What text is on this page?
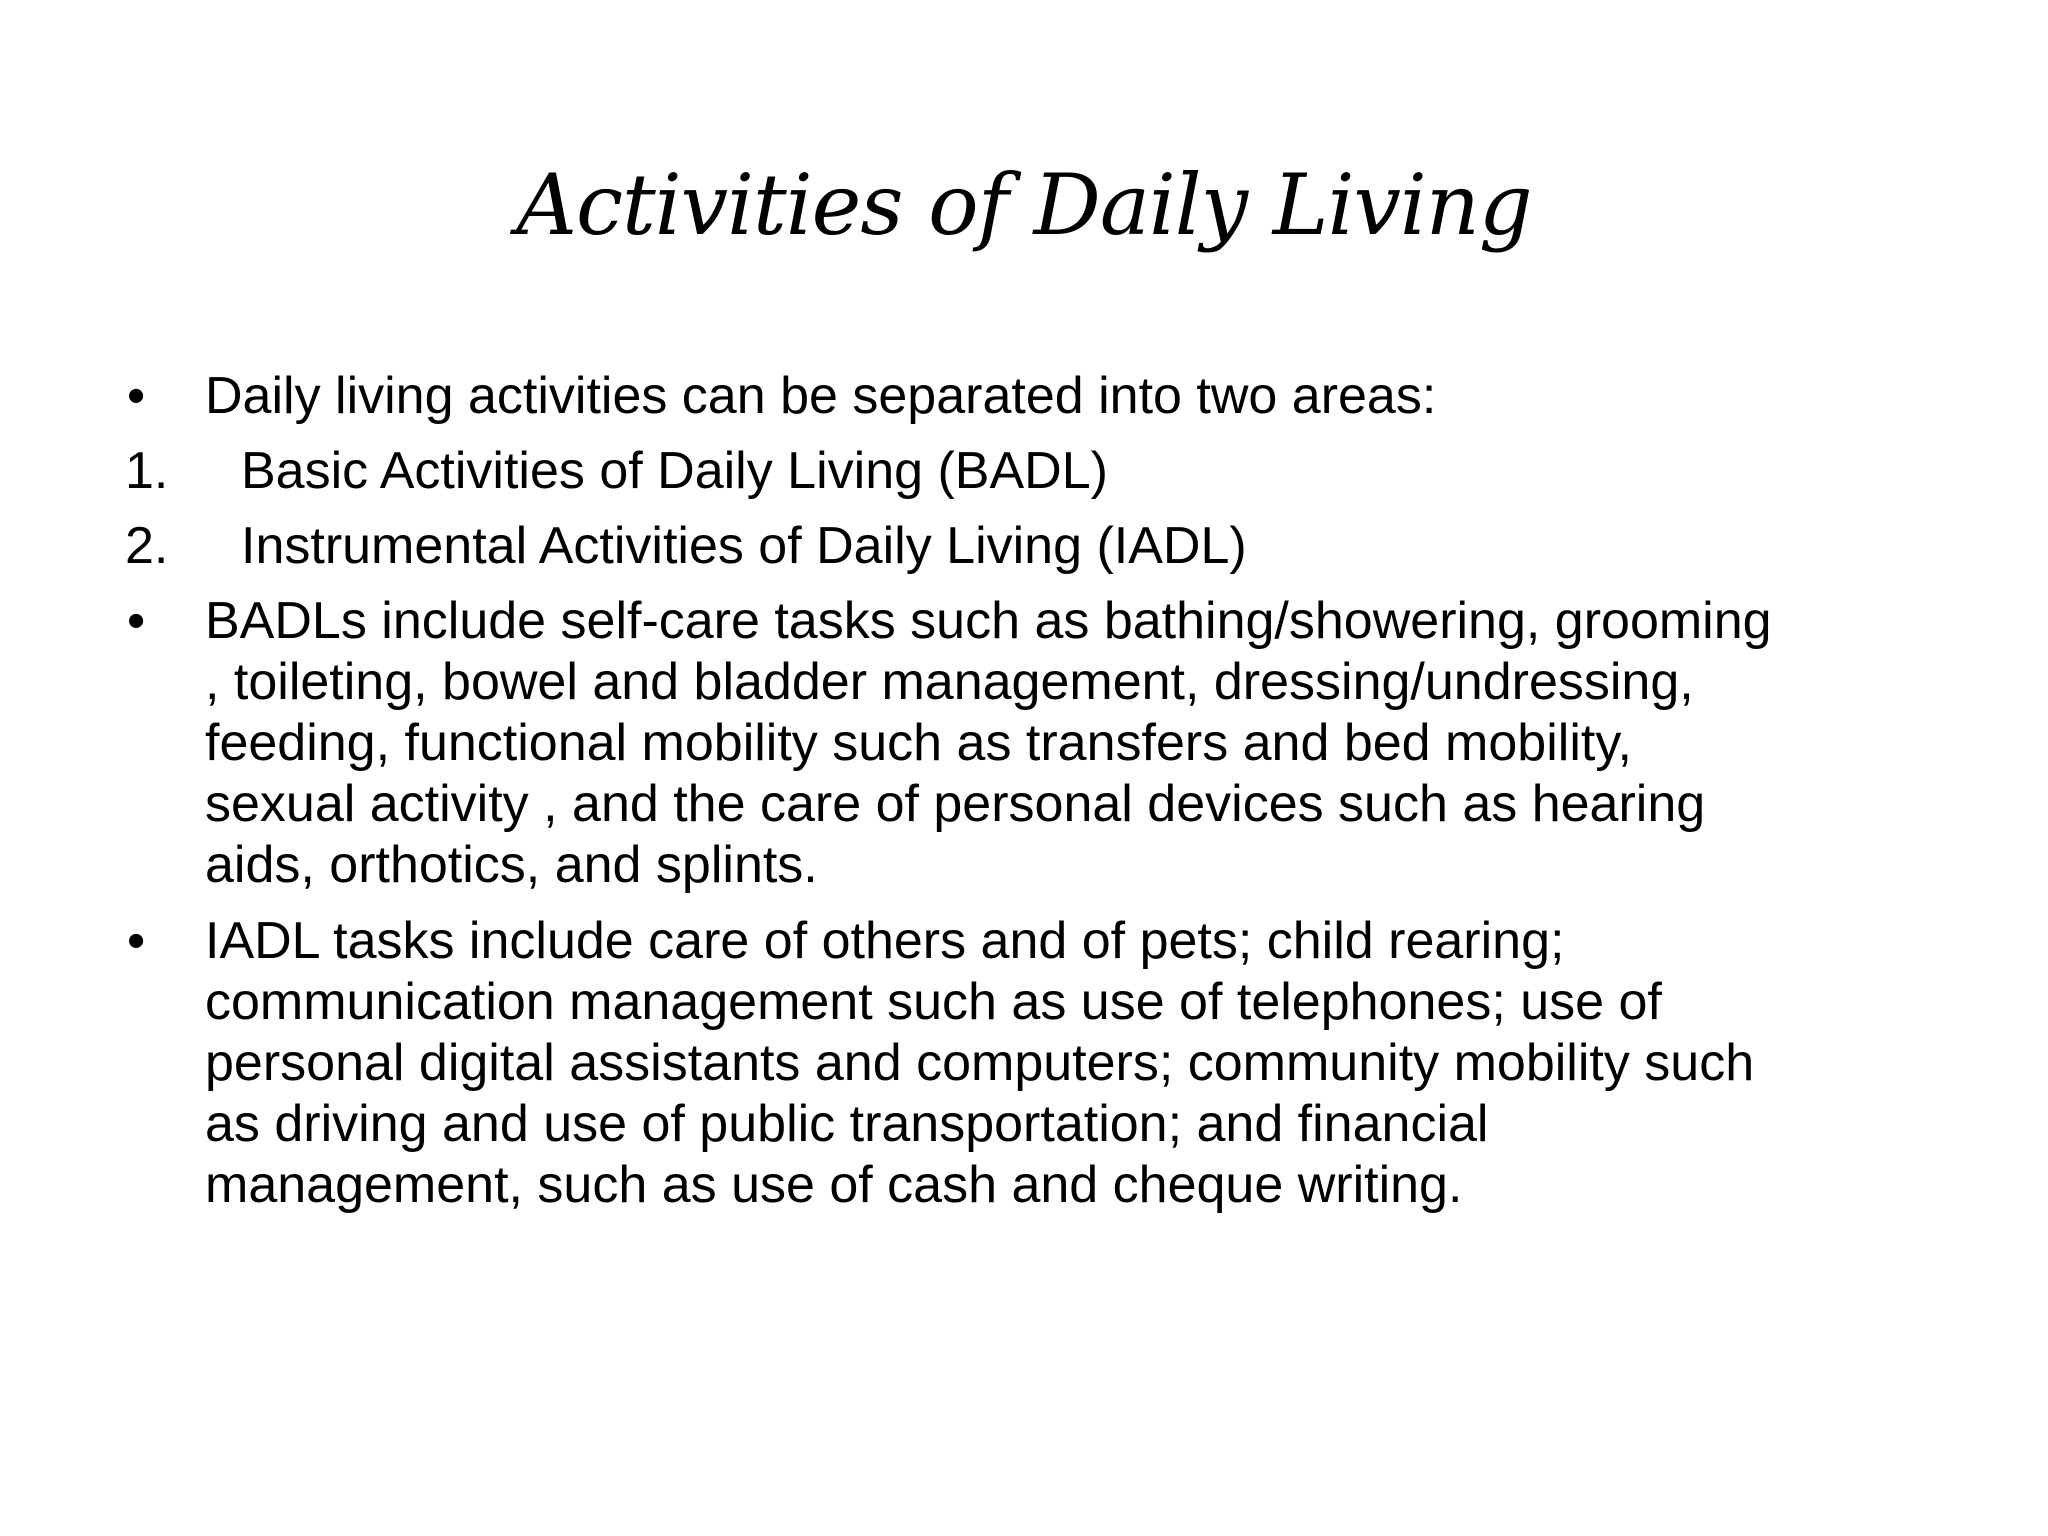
Activities of Daily Living
•	Daily living activities can be separated into two areas:
1.	Basic Activities of Daily Living (BADL)
2.	Instrumental Activities of Daily Living (IADL)
•	BADLs include self-care tasks such as bathing/showering, grooming
, toileting, bowel and bladder management, dressing/undressing,
feeding, functional mobility such as transfers and bed mobility,
sexual activity , and the care of personal devices such as hearing
aids, orthotics, and splints.
•	IADL tasks include care of others and of pets; child rearing;
communication management such as use of telephones; use of
personal digital assistants and computers; community mobility such
as driving and use of public transportation; and financial
management, such as use of cash and cheque writing.
